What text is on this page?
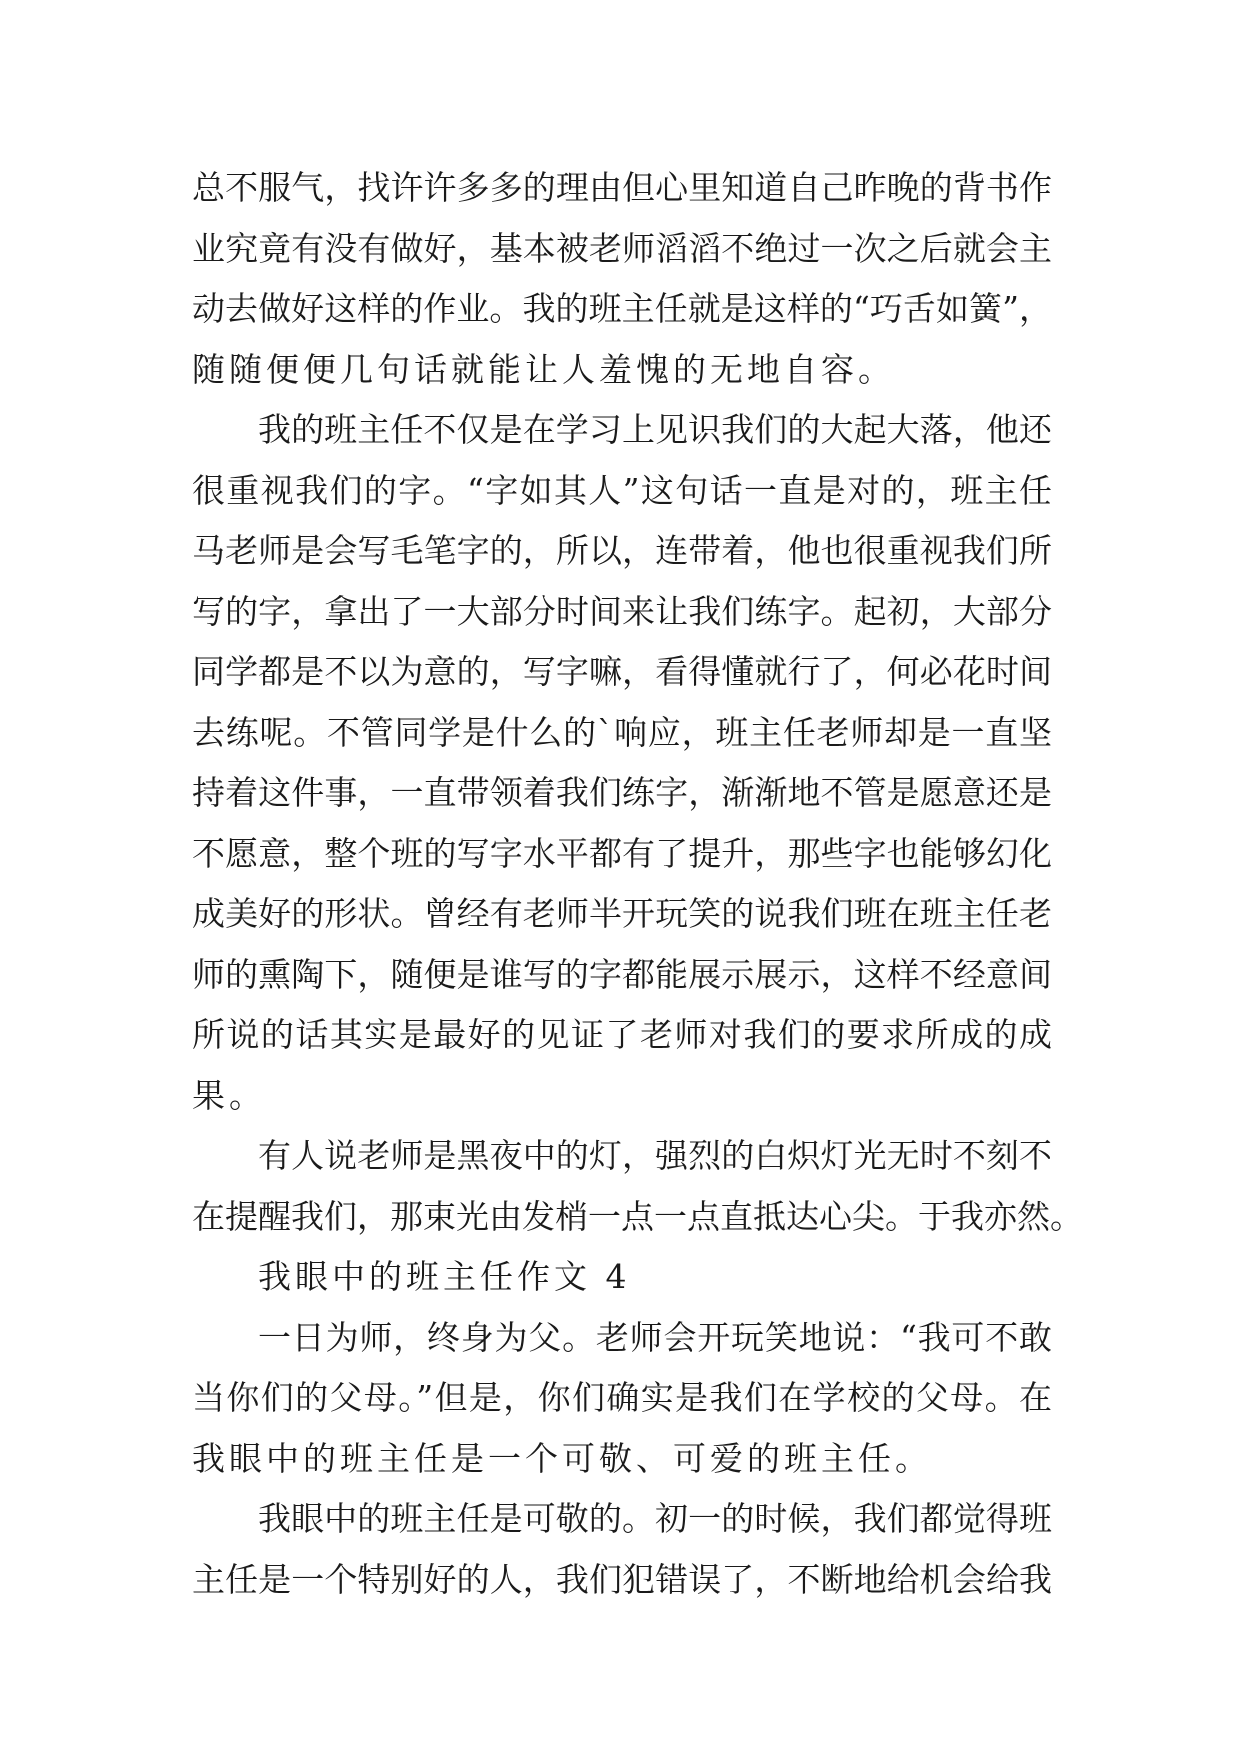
总不服气，找许许多多的理由但心里知道自己昨晚的背书作
业究竟有没有做好，基本被老师滔滔不绝过一次之后就会主
动去做好这样的作业。我的班主任就是这样的“巧舌如簧”，
随随便便几句话就能让人羞愧的无地自容。
我的班主任不仅是在学习上见识我们的大起大落，他还
很重视我们的字。“字如其人”这句话一直是对的，班主任
马老师是会写毛笔字的，所以，连带着，他也很重视我们所
写的字，拿出了一大部分时间来让我们练字。起初，大部分
同学都是不以为意的，写字嘛，看得懂就行了，何必花时间
去练呢。不管同学是什么的`响应，班主任老师却是一直坚
持着这件事，一直带领着我们练字，渐渐地不管是愿意还是
不愿意，整个班的写字水平都有了提升，那些字也能够幻化
成美好的形状。曾经有老师半开玩笑的说我们班在班主任老
师的熏陶下，随便是谁写的字都能展示展示，这样不经意间
所说的话其实是最好的见证了老师对我们的要求所成的成
果。
有人说老师是黑夜中的灯，强烈的白炽灯光无时不刻不
在提醒我们，那束光由发梢一点一点直抵达心尖。于我亦然。
我眼中的班主任作文 4
一日为师，终身为父。老师会开玩笑地说：“我可不敢
当你们的父母。”但是，你们确实是我们在学校的父母。在
我眼中的班主任是一个可敬、可爱的班主任。
我眼中的班主任是可敬的。初一的时候，我们都觉得班
主任是一个特别好的人，我们犯错误了，不断地给机会给我
